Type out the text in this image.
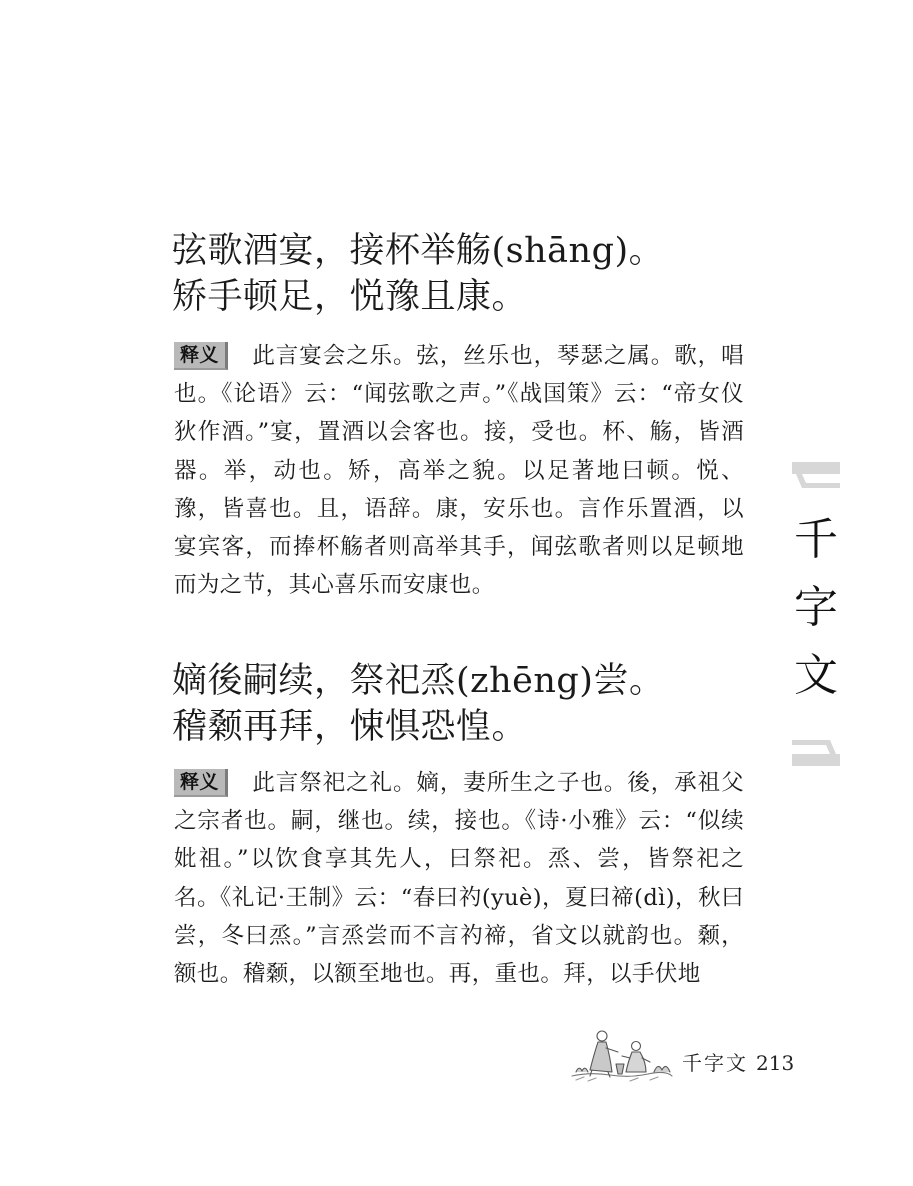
弦歌酒宴，接杯举觞(shāng)。
矫手顿足，悦豫且康。

释义 此言宴会之乐。弦，丝乐也，琴瑟之属。歌，唱也。《论语》云：“闻弦歌之声。”《战国策》云：“帝女仪狄作酒。”宴，置酒以会客也。接，受也。杯、觞，皆酒器。举，动也。矫，高举之貌。以足著地曰顿。悦、豫，皆喜也。且，语辞。康，安乐也。言作乐置酒，以宴宾客，而捧杯觞者则高举其手，闻弦歌者则以足顿地而为之节，其心喜乐而安康也。

嫡後嗣续，祭祀烝(zhēng)尝。
稽颡再拜，悚惧恐惶。

释义 此言祭祀之礼。嫡，妻所生之子也。後，承祖父之宗者也。嗣，继也。续，接也。《诗·小雅》云：“似续妣祖。”以饮食享其先人，曰祭祀。烝、尝，皆祭祀之名。《礼记·王制》云：“春曰礿(yuè)，夏曰禘(dì)，秋曰尝，冬曰烝。”言烝尝而不言礿禘，省文以就韵也。颡，额也。稽颡，以额至地也。再，重也。拜，以手伏地

千
字
文
千字文 213
